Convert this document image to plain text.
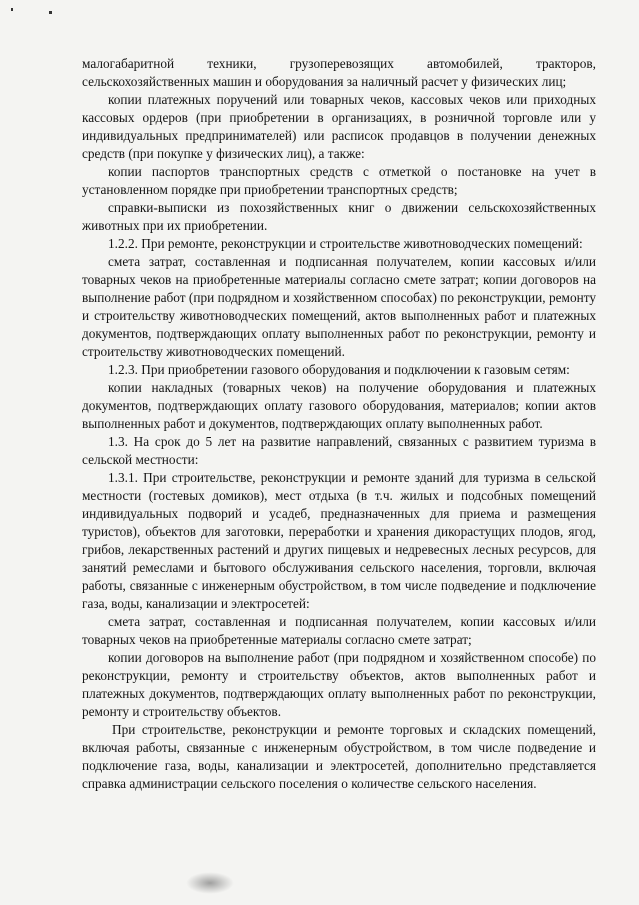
малогабаритной техники, грузоперевозящих автомобилей, тракторов, сельскохозяйственных машин и оборудования за наличный расчет у физических лиц;

копии платежных поручений или товарных чеков, кассовых чеков или приходных кассовых ордеров (при приобретении в организациях, в розничной торговле или у индивидуальных предпринимателей) или расписок продавцов в получении денежных средств (при покупке у физических лиц), а также:

копии паспортов транспортных средств с отметкой о постановке на учет в установленном порядке при приобретении транспортных средств;

справки-выписки из похозяйственных книг о движении сельскохозяйственных животных при их приобретении.

1.2.2. При ремонте, реконструкции и строительстве животноводческих помещений:

смета затрат, составленная и подписанная получателем, копии кассовых и/или товарных чеков на приобретенные материалы согласно смете затрат; копии договоров на выполнение работ (при подрядном и хозяйственном способах) по реконструкции, ремонту и строительству животноводческих помещений, актов выполненных работ и платежных документов, подтверждающих оплату выполненных работ по реконструкции, ремонту и строительству животноводческих помещений.

1.2.3. При приобретении газового оборудования и подключении к газовым сетям:

копии накладных (товарных чеков) на получение оборудования и платежных документов, подтверждающих оплату газового оборудования, материалов; копии актов выполненных работ и документов, подтверждающих оплату выполненных работ.

1.3. На срок до 5 лет на развитие направлений, связанных с развитием туризма в сельской местности:

1.3.1. При строительстве, реконструкции и ремонте зданий для туризма в сельской местности (гостевых домиков), мест отдыха (в т.ч. жилых и подсобных помещений индивидуальных подворий и усадеб, предназначенных для приема и размещения туристов), объектов для заготовки, переработки и хранения дикорастущих плодов, ягод, грибов, лекарственных растений и других пищевых и недревесных лесных ресурсов, для занятий ремеслами и бытового обслуживания сельского населения, торговли, включая работы, связанные с инженерным обустройством, в том числе подведение и подключение газа, воды, канализации и электросетей:

смета затрат, составленная и подписанная получателем, копии кассовых и/или товарных чеков на приобретенные материалы согласно смете затрат;

копии договоров на выполнение работ (при подрядном и хозяйственном способе) по реконструкции, ремонту и строительству объектов, актов выполненных работ и платежных документов, подтверждающих оплату выполненных работ по реконструкции, ремонту и строительству объектов.

При строительстве, реконструкции и ремонте торговых и складских помещений, включая работы, связанные с инженерным обустройством, в том числе подведение и подключение газа, воды, канализации и электросетей, дополнительно представляется справка администрации сельского поселения о количестве сельского населения.
